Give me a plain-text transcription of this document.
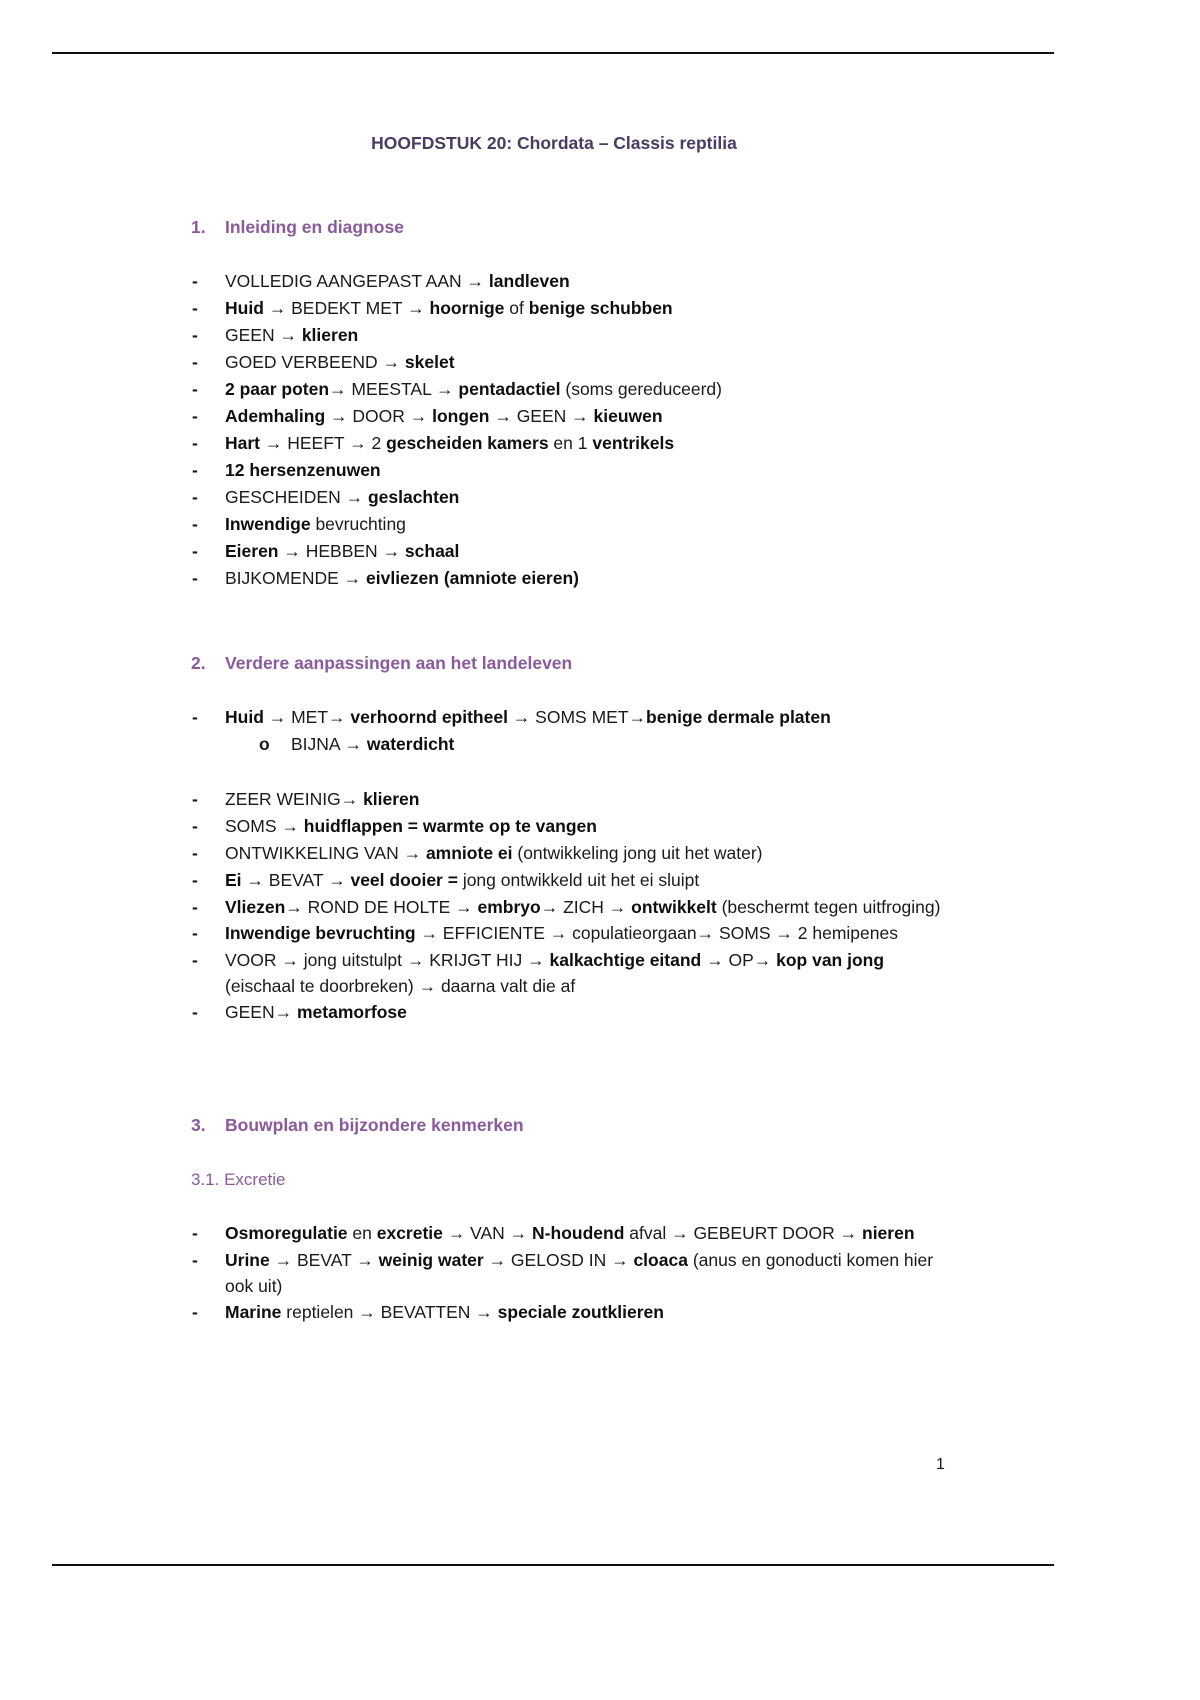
HOOFDSTUK 20: Chordata – Classis reptilia
1. Inleiding en diagnose
- VOLLEDIG AANGEPAST AAN → landleven
- Huid → BEDEKT MET → hoornige of benige schubben
- GEEN → klieren
- GOED VERBEEND → skelet
- 2 paar poten→ MEESTAL → pentadactiel (soms gereduceerd)
- Ademhaling → DOOR → longen → GEEN → kieuwen
- Hart → HEEFT → 2 gescheiden kamers en 1 ventrikels
- 12 hersenzenuwen
- GESCHEIDEN → geslachten
- Inwendige bevruchting
- Eieren → HEBBEN → schaal
- BIJKOMENDE → eivliezen (amniote eieren)
2. Verdere aanpassingen aan het landeleven
- Huid → MET→ verhoornd epitheel → SOMS MET→benige dermale platen
o BIJNA → waterdicht
- ZEER WEINIG→ klieren
- SOMS → huidflappen = warmte op te vangen
- ONTWIKKELING VAN → amniote ei (ontwikkeling jong uit het water)
- Ei → BEVAT → veel dooier = jong ontwikkeld uit het ei sluipt
- Vliezen→ ROND DE HOLTE → embryo→ ZICH → ontwikkelt (beschermt tegen uitfroging)
- Inwendige bevruchting → EFFICIENTE → copulatieorgaan→ SOMS → 2 hemipenes
- VOOR → jong uitstulpt → KRIJGT HIJ → kalkachtige eitand → OP→ kop van jong (eischaal te doorbreken) → daarna valt die af
- GEEN→ metamorfose
3. Bouwplan en bijzondere kenmerken
3.1. Excretie
- Osmoregulatie en excretie → VAN → N-houdend afval → GEBEURT DOOR → nieren
- Urine → BEVAT → weinig water → GELOSD IN → cloaca (anus en gonoducti komen hier ook uit)
- Marine reptielen → BEVATTEN → speciale zoutklieren
1
